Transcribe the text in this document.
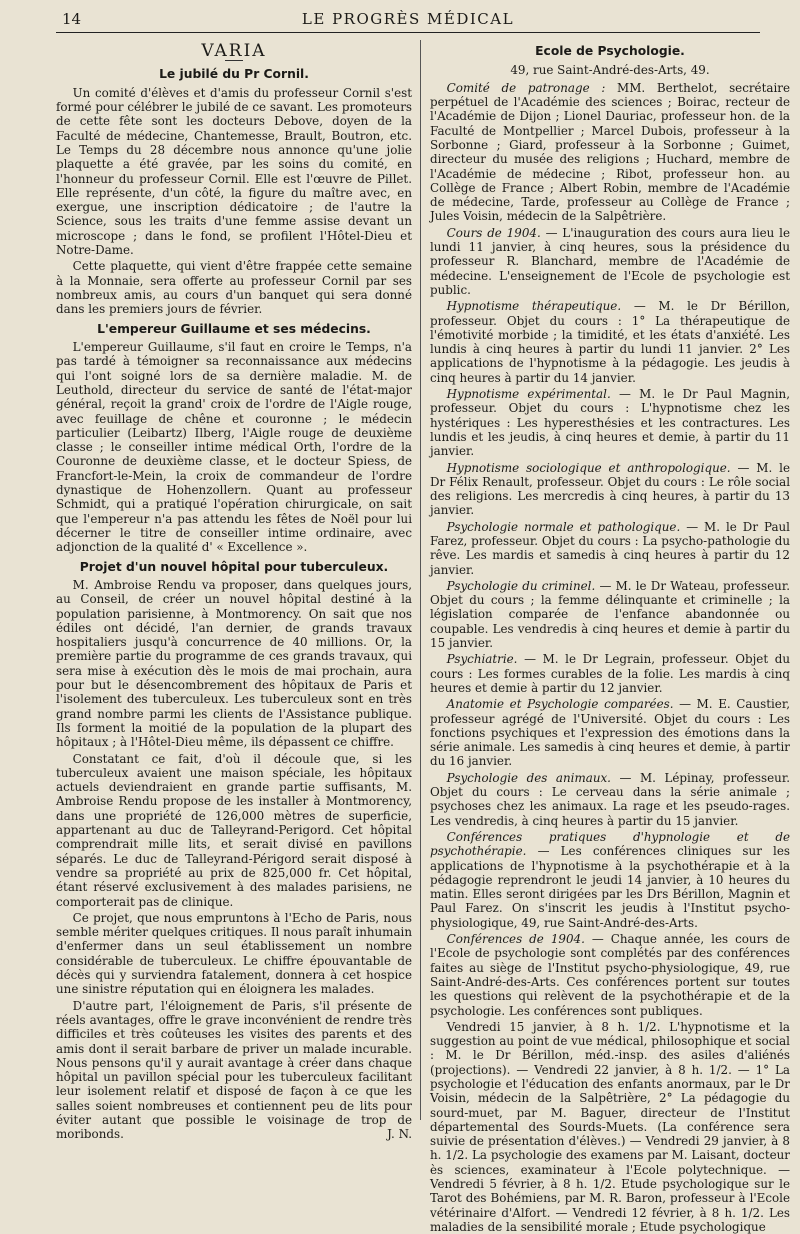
14	LE PROGRÈS MÉDICAL
VARIA
Le jubilé du Pr Cornil.

Un comité d'élèves et d'amis du professeur Cornil s'est formé pour célébrer le jubilé de ce savant. Les promoteurs de cette fête sont les docteurs Debove, doyen de la Faculté de médecine, Chantemesse, Brault, Boutron, etc. Le Temps du 28 décembre nous annonce qu'une jolie plaquette a été gravée, par les soins du comité, en l'honneur du professeur Cornil. Elle est l'œuvre de Pillet. Elle représente, d'un côté, la figure du maître avec, en exergue, une inscription dédicatoire ; de l'autre la Science, sous les traits d'une femme assise devant un microscope ; dans le fond, se profilent l'Hôtel-Dieu et Notre-Dame.

Cette plaquette, qui vient d'être frappée cette semaine à la Monnaie, sera offerte au professeur Cornil par ses nombreux amis, au cours d'un banquet qui sera donné dans les premiers jours de février.

L'empereur Guillaume et ses médecins.

L'empereur Guillaume, s'il faut en croire le Temps, n'a pas tardé à témoigner sa reconnaissance aux médecins qui l'ont soigné lors de sa dernière maladie. M. de Leuthold, directeur du service de santé de l'état-major général, reçoit la grand' croix de l'ordre de l'Aigle rouge, avec feuillage de chêne et couronne ; le médecin particulier (Leibartz) Ilberg, l'Aigle rouge de deuxième classe ; le conseiller intime médical Orth, l'ordre de la Couronne de deuxième classe, et le docteur Spiess, de Francfort-le-Mein, la croix de commandeur de l'ordre dynastique de Hohenzollern. Quant au professeur Schmidt, qui a pratiqué l'opération chirurgicale, on sait que l'empereur n'a pas attendu les fêtes de Noël pour lui décerner le titre de conseiller intime ordinaire, avec adjonction de la qualité d' « Excellence ».

Projet d'un nouvel hôpital pour tuberculeux.

M. Ambroise Rendu va proposer, dans quelques jours, au Conseil, de créer un nouvel hôpital destiné à la population parisienne, à Montmorency. On sait que nos édiles ont décidé, l'an dernier, de grands travaux hospitaliers jusqu'à concurrence de 40 millions. Or, la première partie du programme de ces grands travaux, qui sera mise à exécution dès le mois de mai prochain, aura pour but le désencombrement des hôpitaux de Paris et l'isolement des tuberculeux. Les tuberculeux sont en très grand nombre parmi les clients de l'Assistance publique. Ils forment la moitié de la population de la plupart des hôpitaux ; à l'Hôtel-Dieu même, ils dépassent ce chiffre.

Constatant ce fait, d'où il découle que, si les tuberculeux avaient une maison spéciale, les hôpitaux actuels deviendraient en grande partie suffisants, M. Ambroise Rendu propose de les installer à Montmorency, dans une propriété de 126,000 mètres de superficie, appartenant au duc de Talleyrand-Perigord. Cet hôpital comprendrait mille lits, et serait divisé en pavillons séparés. Le duc de Talleyrand-Périgord serait disposé à vendre sa propriété au prix de 825,000 fr. Cet hôpital, étant réservé exclusivement à des malades parisiens, ne comporterait pas de clinique.

Ce projet, que nous empruntons à l'Echo de Paris, nous semble mériter quelques critiques. Il nous paraît inhumain d'enfermer dans un seul établissement un nombre considérable de tuberculeux. Le chiffre épouvantable de décès qui y surviendra fatalement, donnera à cet hospice une sinistre réputation qui en éloignera les malades.

D'autre part, l'éloignement de Paris, s'il présente de réels avantages, offre le grave inconvénient de rendre très difficiles et très coûteuses les visites des parents et des amis dont il serait barbare de priver un malade incurable. Nous pensons qu'il y aurait avantage à créer dans chaque hôpital un pavillon spécial pour les tuberculeux facilitant leur isolement relatif et disposé de façon à ce que les salles soient nombreuses et contiennent peu de lits pour éviter autant que possible le voisinage de trop de moribonds.	J. N.

Ecole de Psychologie.

49, rue Saint-André-des-Arts, 49.

Comité de patronage : MM. Berthelot, secrétaire perpétuel de l'Académie des sciences ; Boirac, recteur de l'Académie de Dijon ; Lionel Dauriac, professeur hon. de la Faculté de Montpellier ; Marcel Dubois, professeur à la Sorbonne ; Giard, professeur à la Sorbonne ; Guimet, directeur du musée des religions ; Huchard, membre de l'Académie de médecine ; Ribot, professeur hon. au Collège de France ; Albert Robin, membre de l'Académie de médecine, Tarde, professeur au Collège de France ; Jules Voisin, médecin de la Salpêtrière.

Cours de 1904. — L'inauguration des cours aura lieu le lundi 11 janvier, à cinq heures, sous la présidence du professeur R. Blanchard, membre de l'Académie de médecine. L'enseignement de l'Ecole de psychologie est public.

Hypnotisme thérapeutique. — M. le Dr Bérillon, professeur. Objet du cours : 1° La thérapeutique de l'émotivité morbide ; la timidité, et les états d'anxiété. Les lundis à cinq heures à partir du lundi 11 janvier. 2° Les applications de l'hypnotisme à la pédagogie. Les jeudis à cinq heures à partir du 14 janvier.

Hypnotisme expérimental. — M. le Dr Paul Magnin, professeur. Objet du cours : L'hypnotisme chez les hystériques : Les hyperesthésies et les contractures. Les lundis et les jeudis, à cinq heures et demie, à partir du 11 janvier.

Hypnotisme sociologique et anthropologique. — M. le Dr Félix Renault, professeur. Objet du cours : Le rôle social des religions. Les mercredis à cinq heures, à partir du 13 janvier.

Psychologie normale et pathologique. — M. le Dr Paul Farez, professeur. Objet du cours : La psycho-pathologie du rêve. Les mardis et samedis à cinq heures à partir du 12 janvier.

Psychologie du criminel. — M. le Dr Wateau, professeur. Objet du cours ; la femme délinquante et criminelle ; la législation comparée de l'enfance abandonnée ou coupable. Les vendredis à cinq heures et demie à partir du 15 janvier.

Psychiatrie. — M. le Dr Legrain, professeur. Objet du cours : Les formes curables de la folie. Les mardis à cinq heures et demie à partir du 12 janvier.

Anatomie et Psychologie comparées. — M. E. Caustier, professeur agrégé de l'Université. Objet du cours : Les fonctions psychiques et l'expression des émotions dans la série animale. Les samedis à cinq heures et demie, à partir du 16 janvier.

Psychologie des animaux. — M. Lépinay, professeur. Objet du cours : Le cerveau dans la série animale ; psychoses chez les animaux. La rage et les pseudo-rages. Les vendredis, à cinq heures à partir du 15 janvier.

Conférences pratiques d'hypnologie et de psychothérapie. — Les conférences cliniques sur les applications de l'hypnotisme à la psychothérapie et à la pédagogie reprendront le jeudi 14 janvier, à 10 heures du matin. Elles seront dirigées par les Drs Bérillon, Magnin et Paul Farez. On s'inscrit les jeudis à l'Institut psycho-physiologique, 49, rue Saint-André-des-Arts.

Conférences de 1904. — Chaque année, les cours de l'Ecole de psychologie sont complétés par des conférences faites au siège de l'Institut psycho-physiologique, 49, rue Saint-André-des-Arts. Ces conférences portent sur toutes les questions qui relèvent de la psychothérapie et de la psychologie. Les conférences sont publiques.

Vendredi 15 janvier, à 8 h. 1/2. L'hypnotisme et la suggestion au point de vue médical, philosophique et social : M. le Dr Bérillon, méd.-insp. des asiles d'aliénés (projections). — Vendredi 22 janvier, à 8 h. 1/2. — 1° La psychologie et l'éducation des enfants anormaux, par le Dr Voisin, médecin de la Salpêtrière, 2° La pédagogie du sourd-muet, par M. Baguer, directeur de l'Institut départemental des Sourds-Muets. (La conférence sera suivie de présentation d'élèves.) — Vendredi 29 janvier, à 8 h. 1/2. La psychologie des examens par M. Laisant, docteur ès sciences, examinateur à l'Ecole polytechnique. — Vendredi 5 février, à 8 h. 1/2. Etude psychologique sur le Tarot des Bohémiens, par M. R. Baron, professeur à l'Ecole vétérinaire d'Alfort. — Vendredi 12 février, à 8 h. 1/2. Les maladies de la sensibilité morale ; Etude psychologique
